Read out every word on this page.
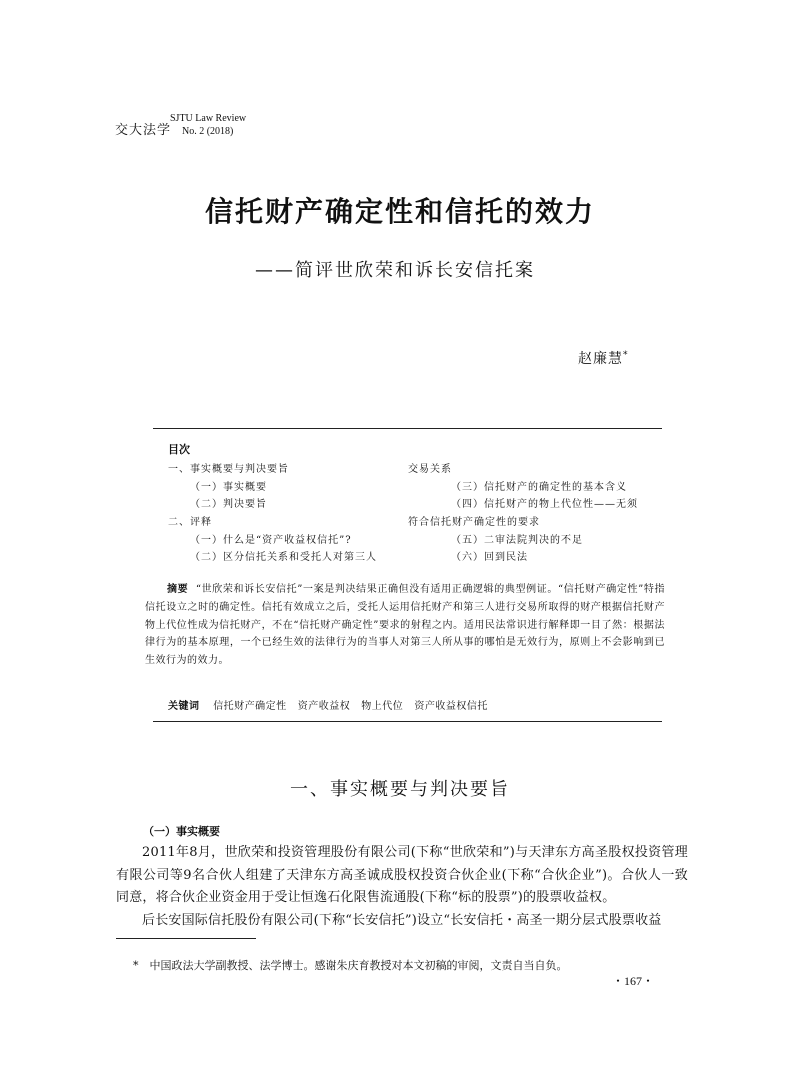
交大法学
SJTU Law Review
No. 2 (2018)
信托财产确定性和信托的效力
——简评世欣荣和诉长安信托案
赵廉慧*
目次
一、事实概要与判决要旨
（一）事实概要
（二）判决要旨
二、评释
（一）什么是“资产收益权信托”?
（二）区分信托关系和受托人对第三人
交易关系
（三）信托财产的确定性的基本含义
（四）信托财产的物上代位性——无须
符合信托财产确定性的要求
（五）二审法院判决的不足
（六）回到民法
摘要 “世欣荣和诉长安信托”一案是判决结果正确但没有适用正确逻辑的典型例证。“信托财产确定性”特指信托设立之时的确定性。信托有效成立之后，受托人运用信托财产和第三人进行交易所取得的财产根据信托财产物上代位性成为信托财产，不在“信托财产确定性”要求的射程之内。适用民法常识进行解释即一目了然：根据法律行为的基本原理，一个已经生效的法律行为的当事人对第三人所从事的哪怕是无效行为，原则上不会影响到已生效行为的效力。
关键词 信托财产确定性 资产收益权 物上代位 资产收益权信托
一、事实概要与判决要旨
（一）事实概要

2011年8月，世欣荣和投资管理股份有限公司(下称“世欣荣和”)与天津东方高圣股权投资管理有限公司等9名合伙人组建了天津东方高圣诚成股权投资合伙企业(下称“合伙企业”)。合伙人一致同意，将合伙企业资金用于受让恒逸石化限售流通股(下称“标的股票”)的股票收益权。

后长安国际信托股份有限公司(下称“长安信托”)设立“长安信托・高圣一期分层式股票收益

*　中国政法大学副教授、法学博士。感谢朱庆育教授对本文初稿的审阅，文责自当自负。
・167・
